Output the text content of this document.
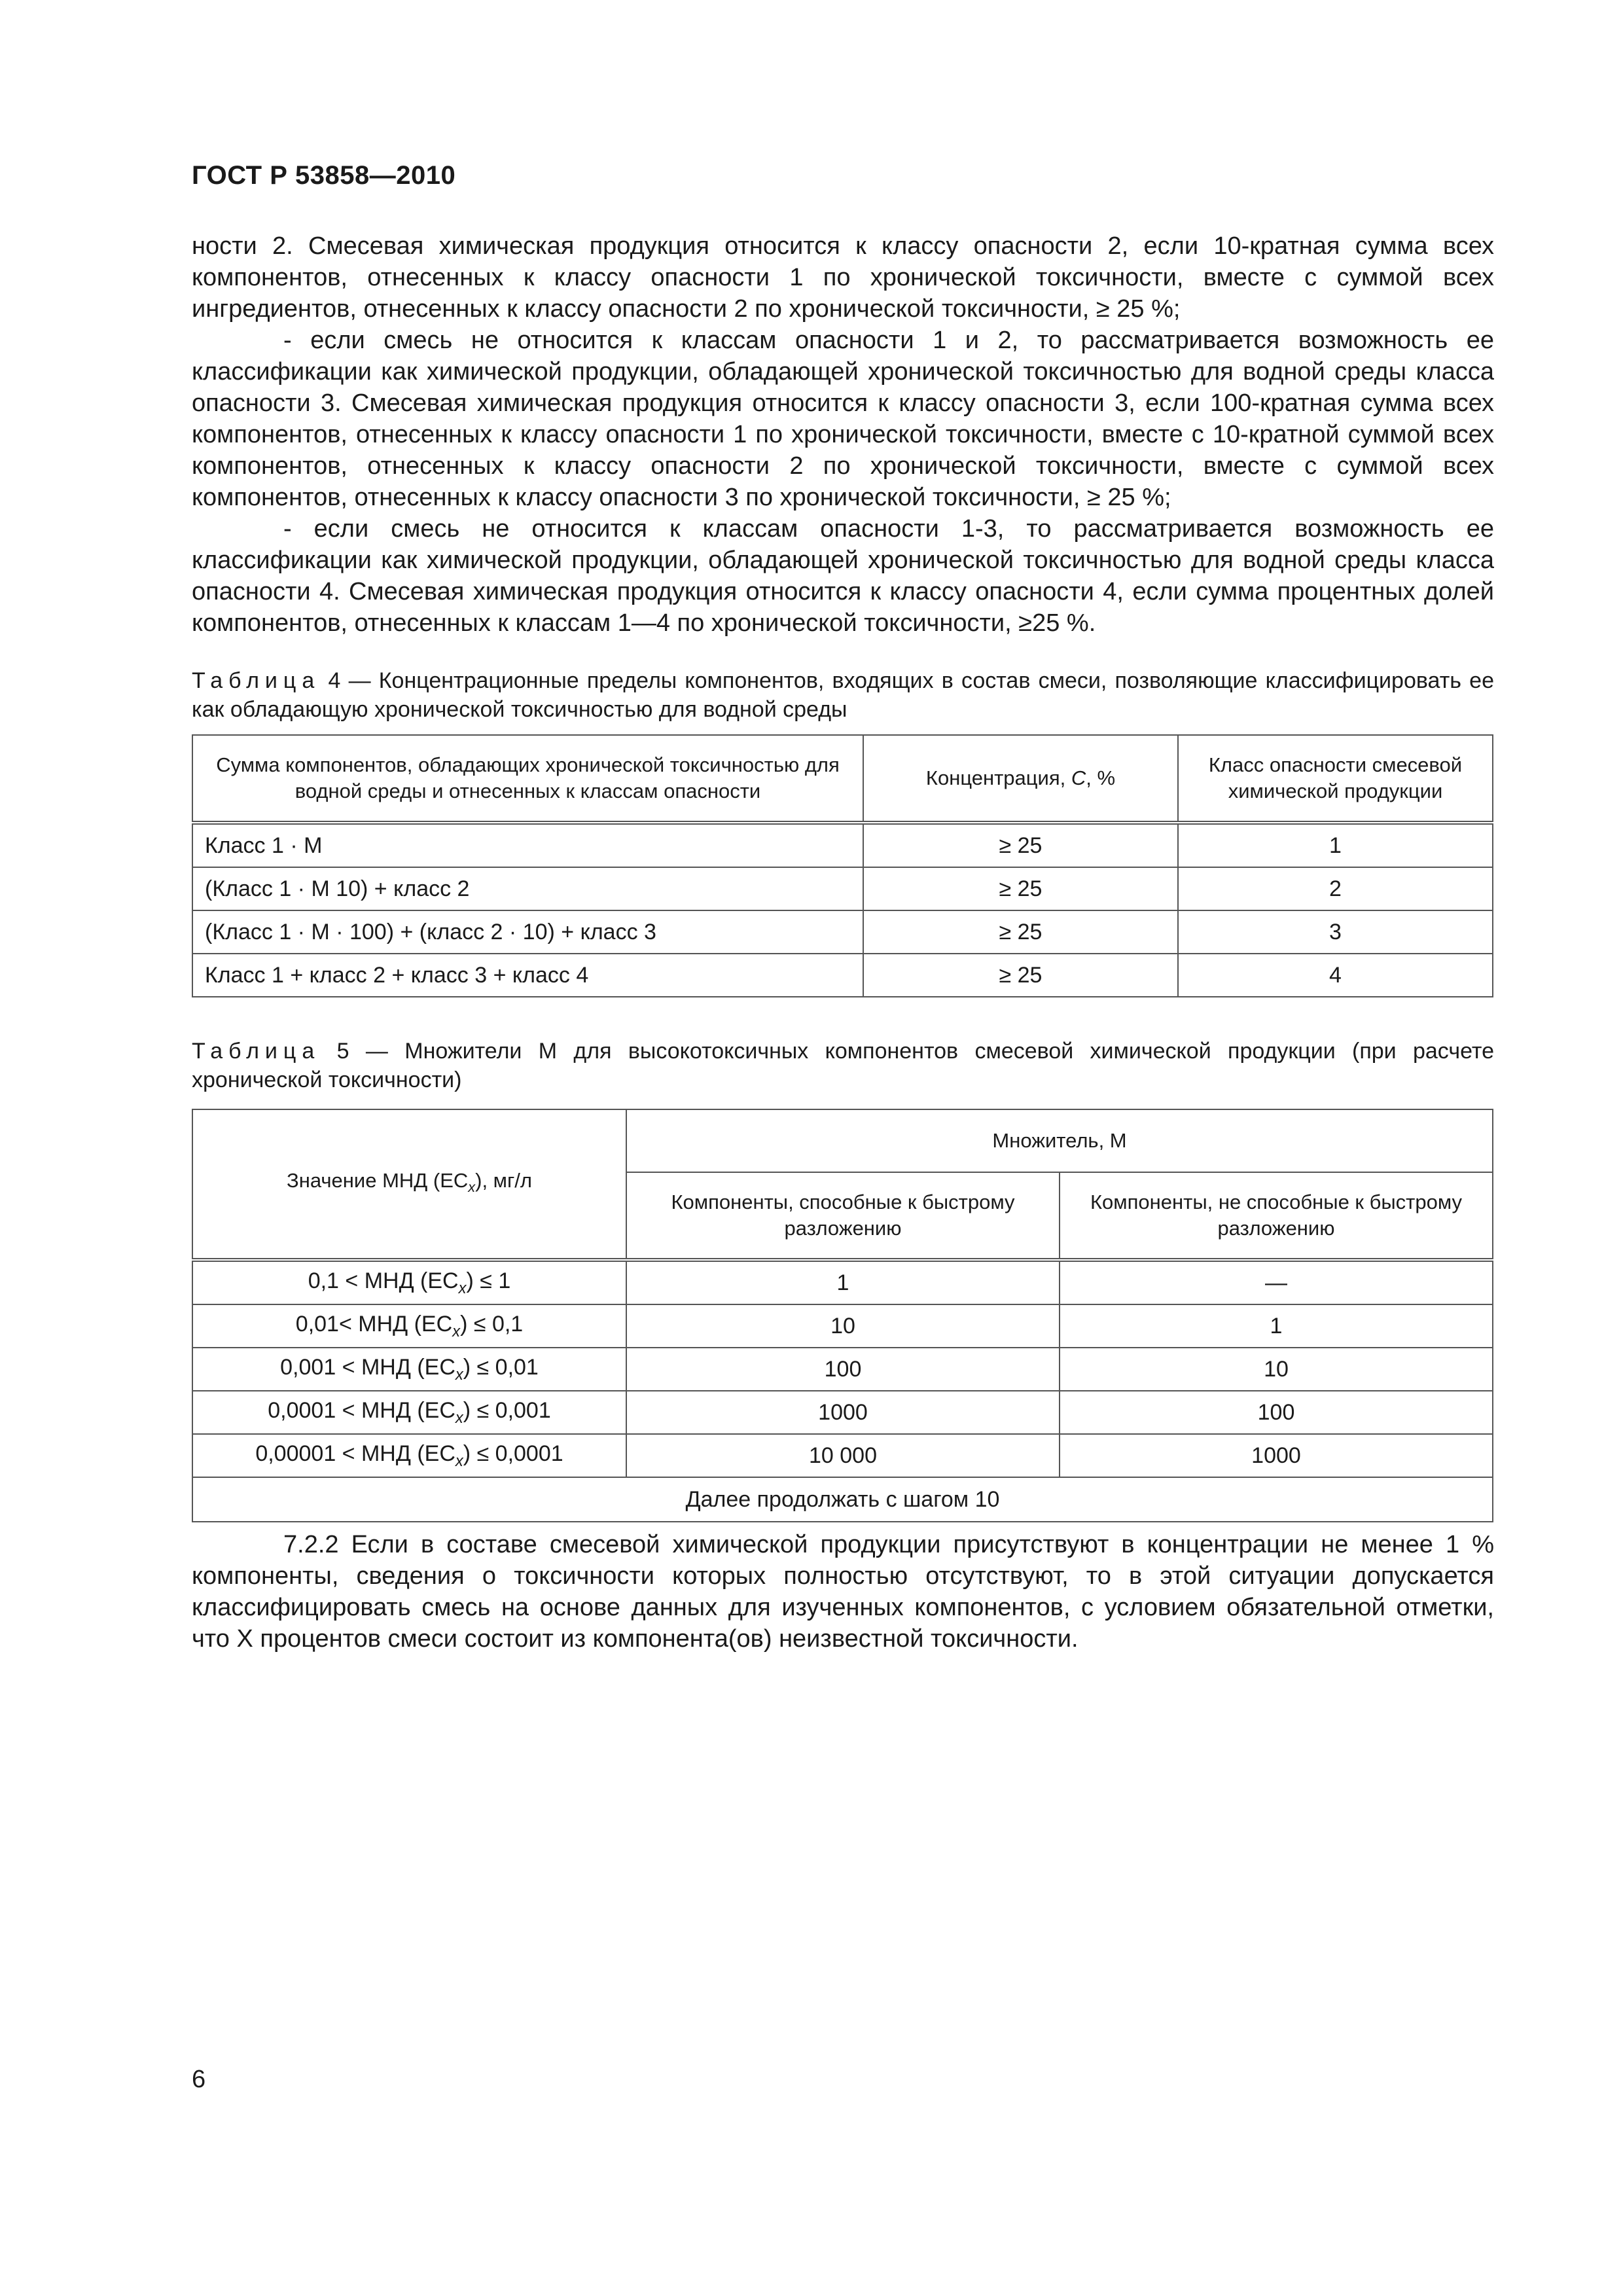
ГОСТ Р 53858—2010

ности 2. Смесевая химическая продукция относится к классу опасности 2, если 10-кратная сумма всех компонентов, отнесенных к классу опасности 1 по хронической токсичности, вместе с суммой всех ингредиентов, отнесенных к классу опасности 2 по хронической токсичности, ≥ 25 %;

- если смесь не относится к классам опасности 1 и 2, то рассматривается возможность ее классификации как химической продукции, обладающей хронической токсичностью для водной среды класса опасности 3. Смесевая химическая продукция относится к классу опасности 3, если 100-кратная сумма всех компонентов, отнесенных к классу опасности 1 по хронической токсичности, вместе с 10-кратной суммой всех компонентов, отнесенных к классу опасности 2 по хронической токсичности, вместе с суммой всех компонентов, отнесенных к классу опасности 3 по хронической токсичности, ≥ 25 %;

- если смесь не относится к классам опасности 1-3, то рассматривается возможность ее классификации как химической продукции, обладающей хронической токсичностью для водной среды класса опасности 4. Смесевая химическая продукция относится к классу опасности 4, если сумма процентных долей компонентов, отнесенных к классам 1—4 по хронической токсичности, ≥25 %.

Таблица 4 — Концентрационные пределы компонентов, входящих в состав смеси, позволяющие классифицировать ее как обладающую хронической токсичностью для водной среды
Сумма компонентов, обладающих хронической токсичностью для водной среды и отнесенных к классам опасности	Концентрация, С, %	Класс опасности смесевой химической продукции
Класс 1 · М	≥ 25	1
(Класс 1 · М 10) + класс 2	≥ 25	2
(Класс 1 · М · 100) + (класс 2 · 10) + класс 3	≥ 25	3
Класс 1 + класс 2 + класс 3 + класс 4	≥ 25	4
Таблица 5 — Множители М для высокотоксичных компонентов смесевой химической продукции (при расчете хронической токсичности)
Значение МНД $(EC_x)$, мг/л	Множитель, М	
	Компоненты, способные к быстрому разложению	Компоненты, не способные к быстрому разложению
0,1 < МНД $(EC_x) \le 1$	1	—
0,01< МНД $(EC_x) \le 0,1$	10	1
0,001 < МНД $(EC_x) \le 0,01$	100	10
0,0001 < МНД $(EC_x) \le 0,001$	1000	100
0,00001 < МНД $(EC_x) \le 0,0001$	10 000	1000
Далее продолжать с шагом 10		

7.2.2 Если в составе смесевой химической продукции присутствуют в концентрации не менее 1 % компоненты, сведения о токсичности которых полностью отсутствуют, то в этой ситуации допускается классифицировать смесь на основе данных для изученных компонентов, с условием обязательной отметки, что Х процентов смеси состоит из компонента(ов) неизвестной токсичности.

6
